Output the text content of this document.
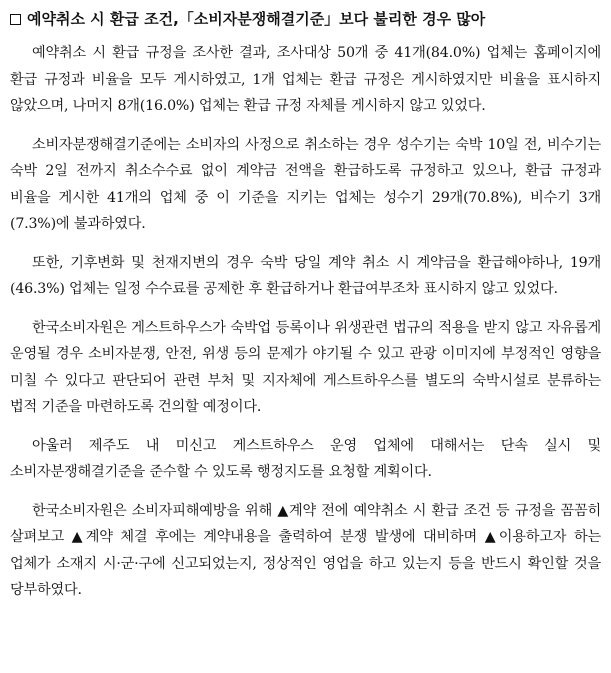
예약취소 시 환급 조건,「소비자분쟁해결기준」보다 불리한 경우 많아

예약취소 시 환급 규정을 조사한 결과, 조사대상 50개 중 41개(84.0%) 업체는 홈페이지에 환급 규정과 비율을 모두 게시하였고, 1개 업체는 환급 규정은 게시하였지만 비율을 표시하지 않았으며, 나머지 8개(16.0%) 업체는 환급 규정 자체를 게시하지 않고 있었다.

소비자분쟁해결기준에는 소비자의 사정으로 취소하는 경우 성수기는 숙박 10일 전, 비수기는 숙박 2일 전까지 취소수수료 없이 계약금 전액을 환급하도록 규정하고 있으나, 환급 규정과 비율을 게시한 41개의 업체 중 이 기준을 지키는 업체는 성수기 29개(70.8%), 비수기 3개(7.3%)에 불과하였다.

또한, 기후변화 및 천재지변의 경우 숙박 당일 계약 취소 시 계약금을 환급해야하나, 19개(46.3%) 업체는 일정 수수료를 공제한 후 환급하거나 환급여부조차 표시하지 않고 있었다.

한국소비자원은 게스트하우스가 숙박업 등록이나 위생관련 법규의 적용을 받지 않고 자유롭게 운영될 경우 소비자분쟁, 안전, 위생 등의 문제가 야기될 수 있고 관광 이미지에 부정적인 영향을 미칠 수 있다고 판단되어 관련 부처 및 지자체에 게스트하우스를 별도의 숙박시설로 분류하는 법적 기준을 마련하도록 건의할 예정이다.

아울러 제주도 내 미신고 게스트하우스 운영 업체에 대해서는 단속 실시 및 소비자분쟁해결기준을 준수할 수 있도록 행정지도를 요청할 계획이다.

한국소비자원은 소비자피해예방을 위해 ▲계약 전에 예약취소 시 환급 조건 등 규정을 꼼꼼히 살펴보고 ▲계약 체결 후에는 계약내용을 출력하여 분쟁 발생에 대비하며 ▲이용하고자 하는 업체가 소재지 시·군·구에 신고되었는지, 정상적인 영업을 하고 있는지 등을 반드시 확인할 것을 당부하였다.
